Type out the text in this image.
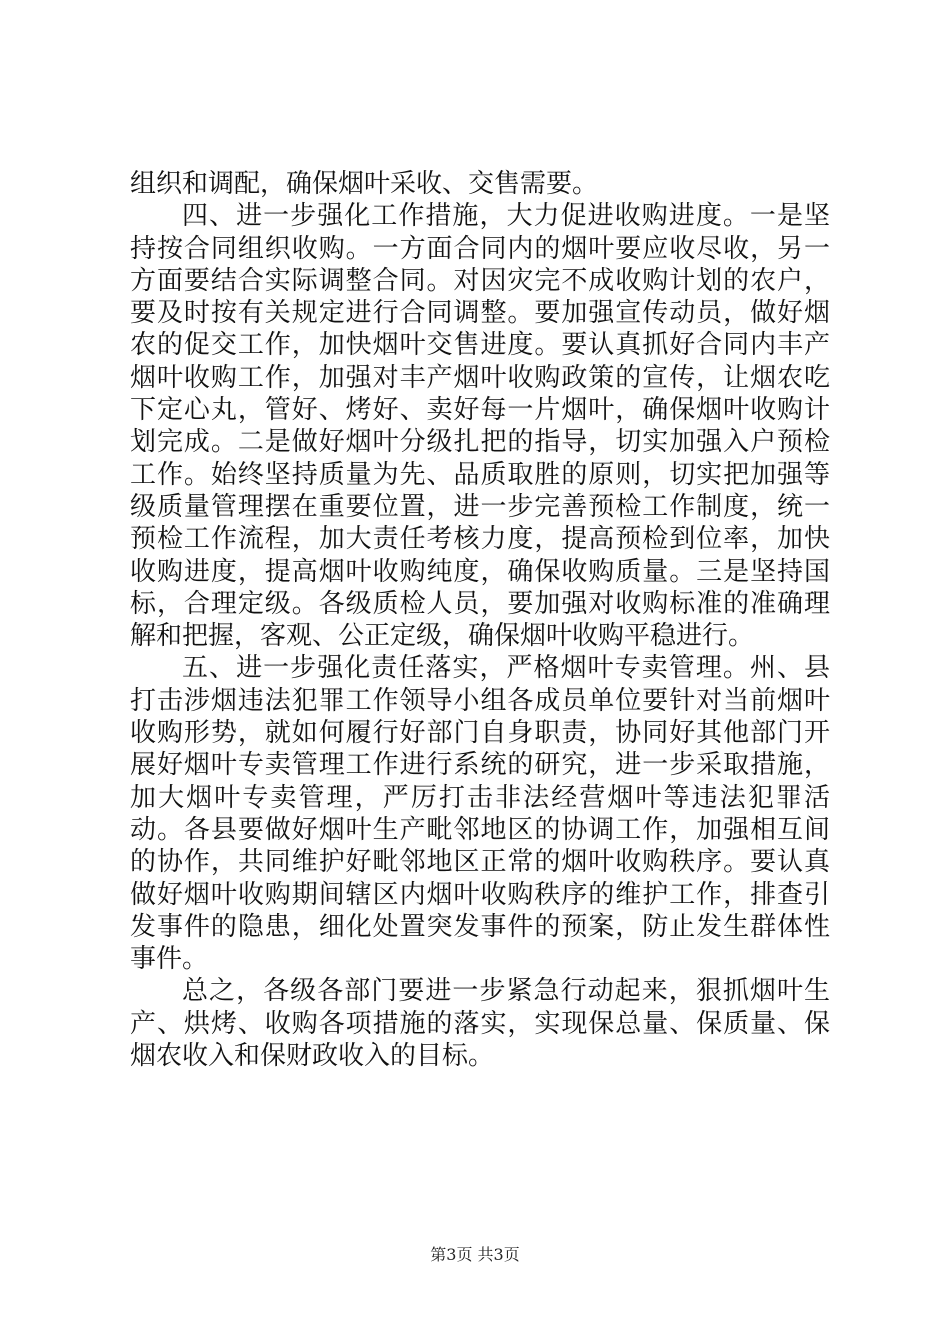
组织和调配，确保烟叶采收、交售需要。

四、进一步强化工作措施，大力促进收购进度。一是坚持按合同组织收购。一方面合同内的烟叶要应收尽收，另一方面要结合实际调整合同。对因灾完不成收购计划的农户，要及时按有关规定进行合同调整。要加强宣传动员，做好烟农的促交工作，加快烟叶交售进度。要认真抓好合同内丰产烟叶收购工作，加强对丰产烟叶收购政策的宣传，让烟农吃下定心丸，管好、烤好、卖好每一片烟叶，确保烟叶收购计划完成。二是做好烟叶分级扎把的指导，切实加强入户预检工作。始终坚持质量为先、品质取胜的原则，切实把加强等级质量管理摆在重要位置，进一步完善预检工作制度，统一预检工作流程，加大责任考核力度，提高预检到位率，加快收购进度，提高烟叶收购纯度，确保收购质量。三是坚持国标，合理定级。各级质检人员，要加强对收购标准的准确理解和把握，客观、公正定级，确保烟叶收购平稳进行。

五、进一步强化责任落实，严格烟叶专卖管理。州、县打击涉烟违法犯罪工作领导小组各成员单位要针对当前烟叶收购形势，就如何履行好部门自身职责，协同好其他部门开展好烟叶专卖管理工作进行系统的研究，进一步采取措施，加大烟叶专卖管理，严厉打击非法经营烟叶等违法犯罪活动。各县要做好烟叶生产毗邻地区的协调工作，加强相互间的协作，共同维护好毗邻地区正常的烟叶收购秩序。要认真做好烟叶收购期间辖区内烟叶收购秩序的维护工作，排查引发事件的隐患，细化处置突发事件的预案，防止发生群体性事件。

总之，各级各部门要进一步紧急行动起来，狠抓烟叶生产、烘烤、收购各项措施的落实，实现保总量、保质量、保烟农收入和保财政收入的目标。

第3页 共3页
